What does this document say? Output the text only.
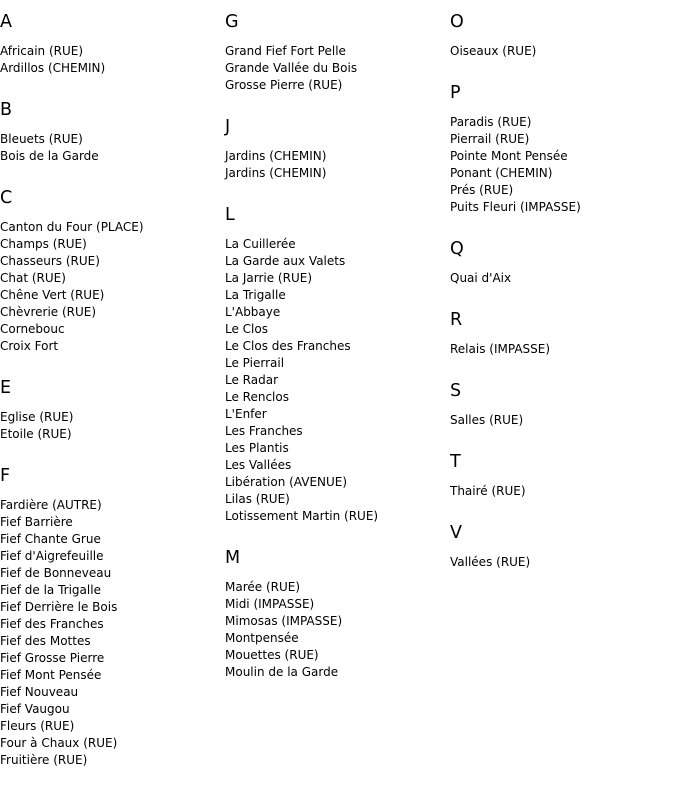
A
Africain (RUE)
Ardillos (CHEMIN)
B
Bleuets (RUE)
Bois de la Garde
C
Canton du Four (PLACE)
Champs (RUE)
Chasseurs (RUE)
Chat (RUE)
Chêne Vert (RUE)
Chèvrerie (RUE)
Cornebouc
Croix Fort
E
Eglise (RUE)
Etoile (RUE)
F
Fardière (AUTRE)
Fief Barrière
Fief Chante Grue
Fief d'Aigrefeuille
Fief de Bonneveau
Fief de la Trigalle
Fief Derrière le Bois
Fief des Franches
Fief des Mottes
Fief Grosse Pierre
Fief Mont Pensée
Fief Nouveau
Fief Vaugou
Fleurs (RUE)
Four à Chaux (RUE)
Fruitière (RUE)
G
Grand Fief Fort Pelle
Grande Vallée du Bois
Grosse Pierre (RUE)
J
Jardins (CHEMIN)
Jardins (CHEMIN)
L
La Cuillerée
La Garde aux Valets
La Jarrie (RUE)
La Trigalle
L'Abbaye
Le Clos
Le Clos des Franches
Le Pierrail
Le Radar
Le Renclos
L'Enfer
Les Franches
Les Plantis
Les Vallées
Libération (AVENUE)
Lilas (RUE)
Lotissement Martin (RUE)
M
Marée (RUE)
Midi (IMPASSE)
Mimosas (IMPASSE)
Montpensée
Mouettes (RUE)
Moulin de la Garde
O
Oiseaux (RUE)
P
Paradis (RUE)
Pierrail (RUE)
Pointe Mont Pensée
Ponant (CHEMIN)
Prés (RUE)
Puits Fleuri (IMPASSE)
Q
Quai d'Aix
R
Relais (IMPASSE)
S
Salles (RUE)
T
Thairé (RUE)
V
Vallées (RUE)
